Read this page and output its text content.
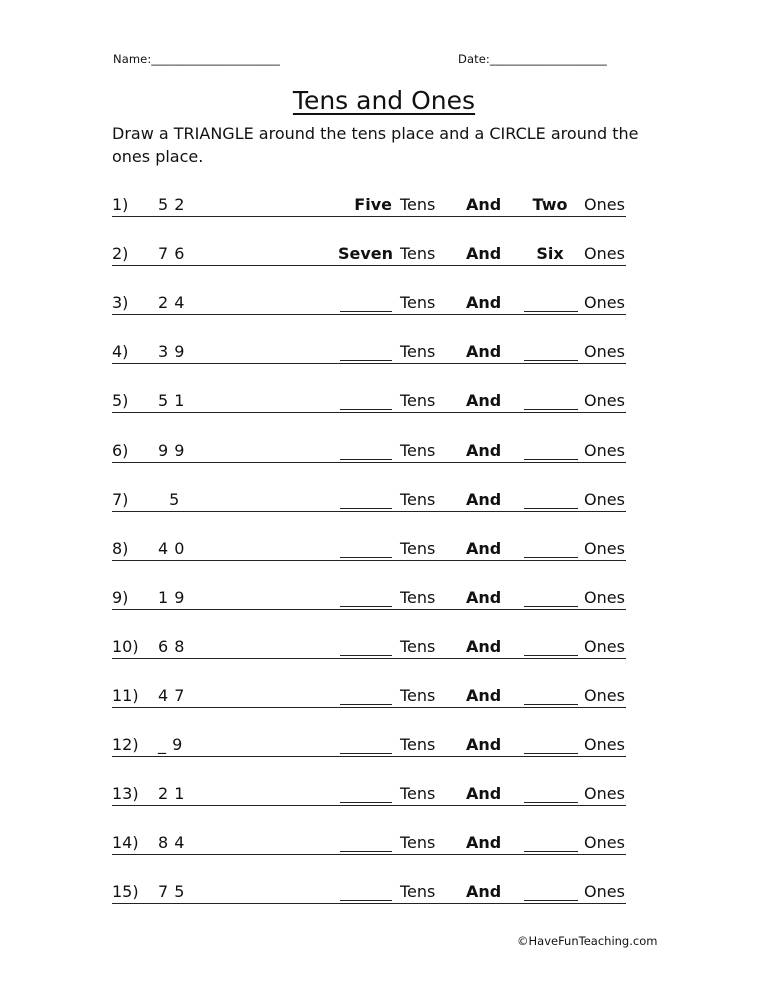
Name:______________________	Date:____________________
Tens and Ones
Draw a TRIANGLE around the tens place and a CIRCLE around the ones place.
1) 5 2	Five Tens And	Two	Ones
2) 7 6	Seven Tens And	Six	Ones
3) 2 4	Tens And	Ones
4) 3 9	Tens And	Ones
5) 5 1	Tens And	Ones
6) 9 9	Tens And	Ones
7) 5	Tens And	Ones
8) 4 0	Tens And	Ones
9) 1 9	Tens And	Ones
10) 6 8	Tens And	Ones
11) 4 7	Tens And	Ones
12) _ 9	Tens And	Ones
13) 2 1	Tens And	Ones
14) 8 4	Tens And	Ones
15) 7 5	Tens And	Ones
©HaveFunTeaching.com
